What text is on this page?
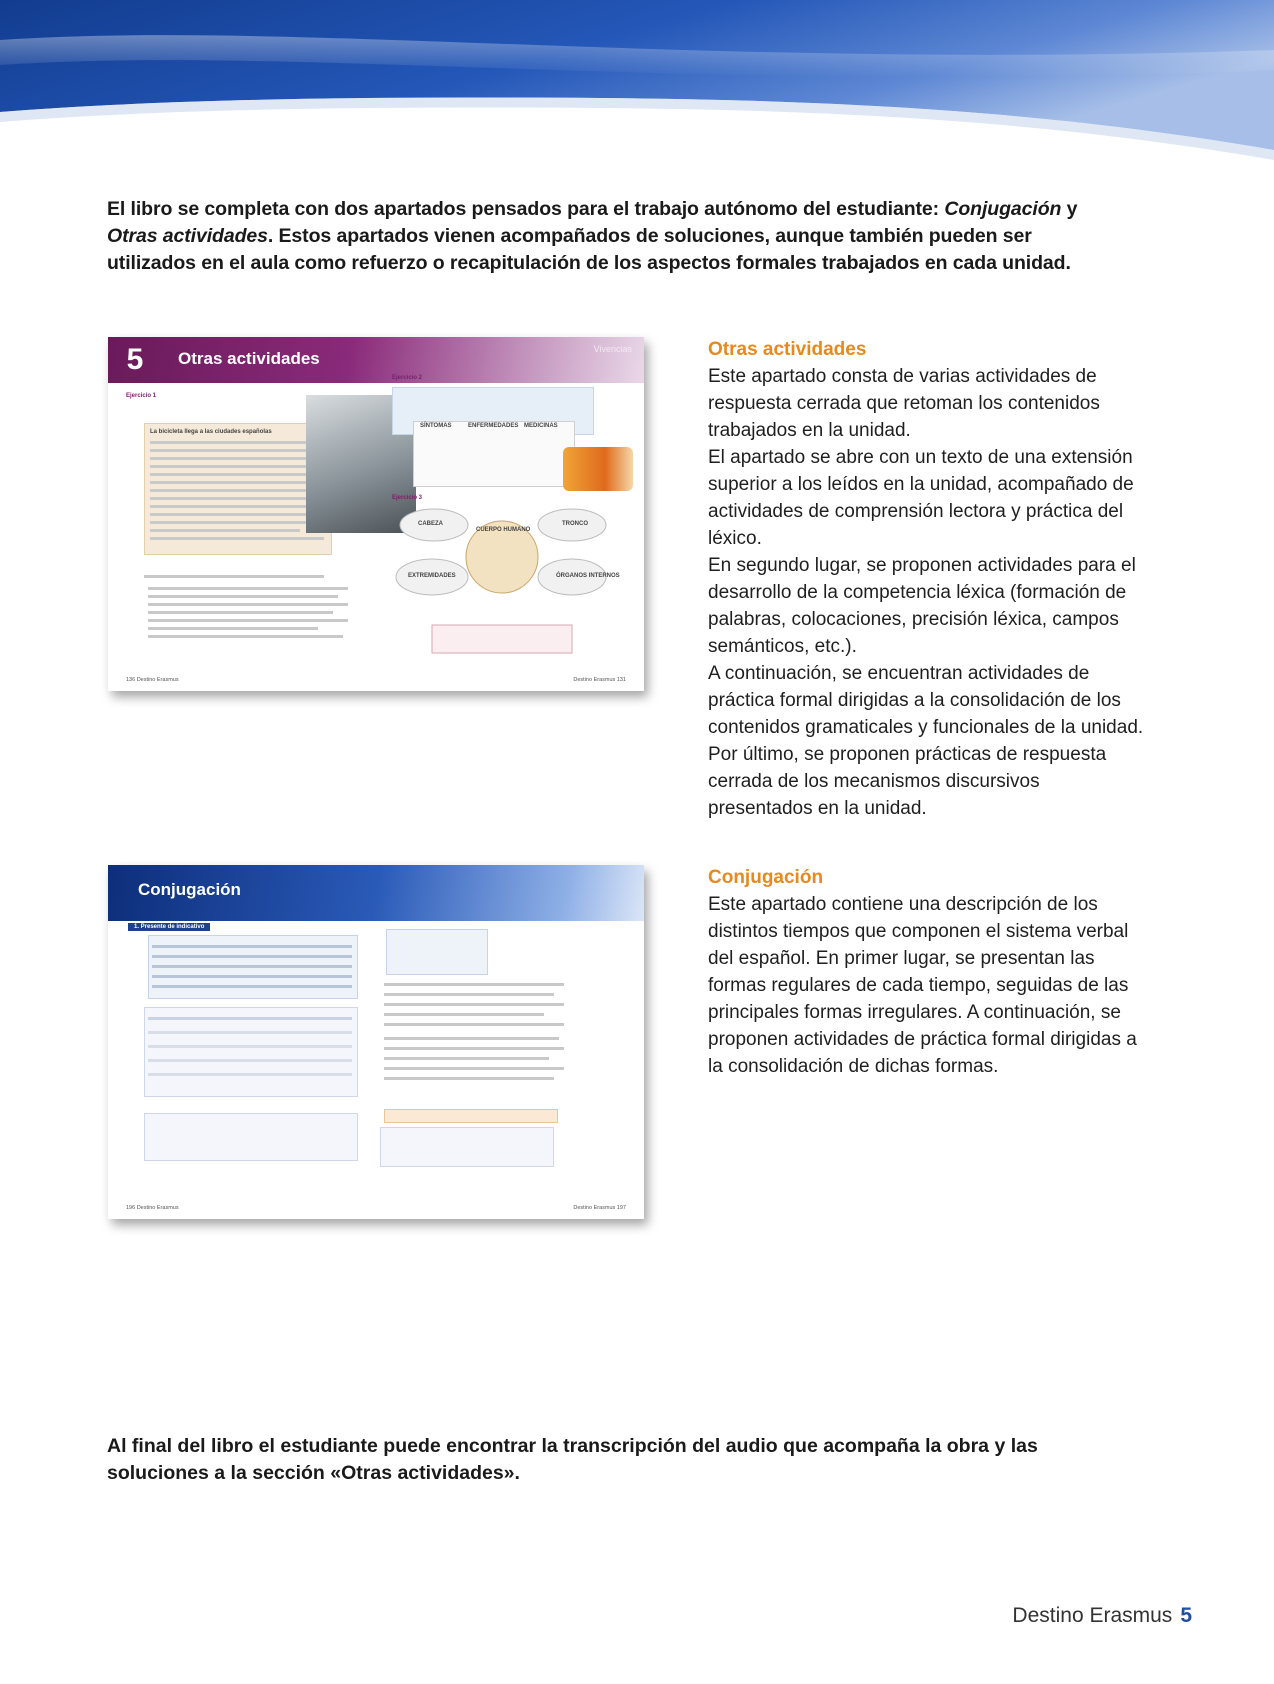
El libro se completa con dos apartados pensados para el trabajo autónomo del estudiante: Conjugación y Otras actividades. Estos apartados vienen acompañados de soluciones, aunque también pueden ser utilizados en el aula como refuerzo o recapitulación de los aspectos formales trabajados en cada unidad.
5	Otras actividades	Vivencias
Ejercicio 1
La bicicleta llega a las ciudades españolas
Ejercicio 2
SÍNTOMAS	ENFERMEDADES MEDICINAS
Ejercicio 3
CABEZA	TRONCO
CUERPO HUMANO
EXTREMIDADES	ÓRGANOS INTERNOS
136 Destino Erasmus	Destino Erasmus 131
Conjugación
1. Presente de indicativo
196 Destino Erasmus	Destino Erasmus 197
Otras actividades

Este apartado consta de varias actividades de respuesta cerrada que retoman los contenidos trabajados en la unidad.

El apartado se abre con un texto de una extensión superior a los leídos en la unidad, acompañado de actividades de comprensión lectora y práctica del léxico.

En segundo lugar, se proponen actividades para el desarrollo de la competencia léxica (formación de palabras, colocaciones, precisión léxica, campos semánticos, etc.).

A continuación, se encuentran actividades de práctica formal dirigidas a la consolidación de los contenidos gramaticales y funcionales de la unidad.

Por último, se proponen prácticas de respuesta cerrada de los mecanismos discursivos presentados en la unidad.

Conjugación

Este apartado contiene una descripción de los distintos tiempos que componen el sistema verbal del español. En primer lugar, se presentan las formas regulares de cada tiempo, seguidas de las principales formas irregulares. A continuación, se proponen actividades de práctica formal dirigidas a la consolidación de dichas formas.

Al final del libro el estudiante puede encontrar la transcripción del audio que acompaña la obra y las soluciones a la sección «Otras actividades».
Destino Erasmus 5
